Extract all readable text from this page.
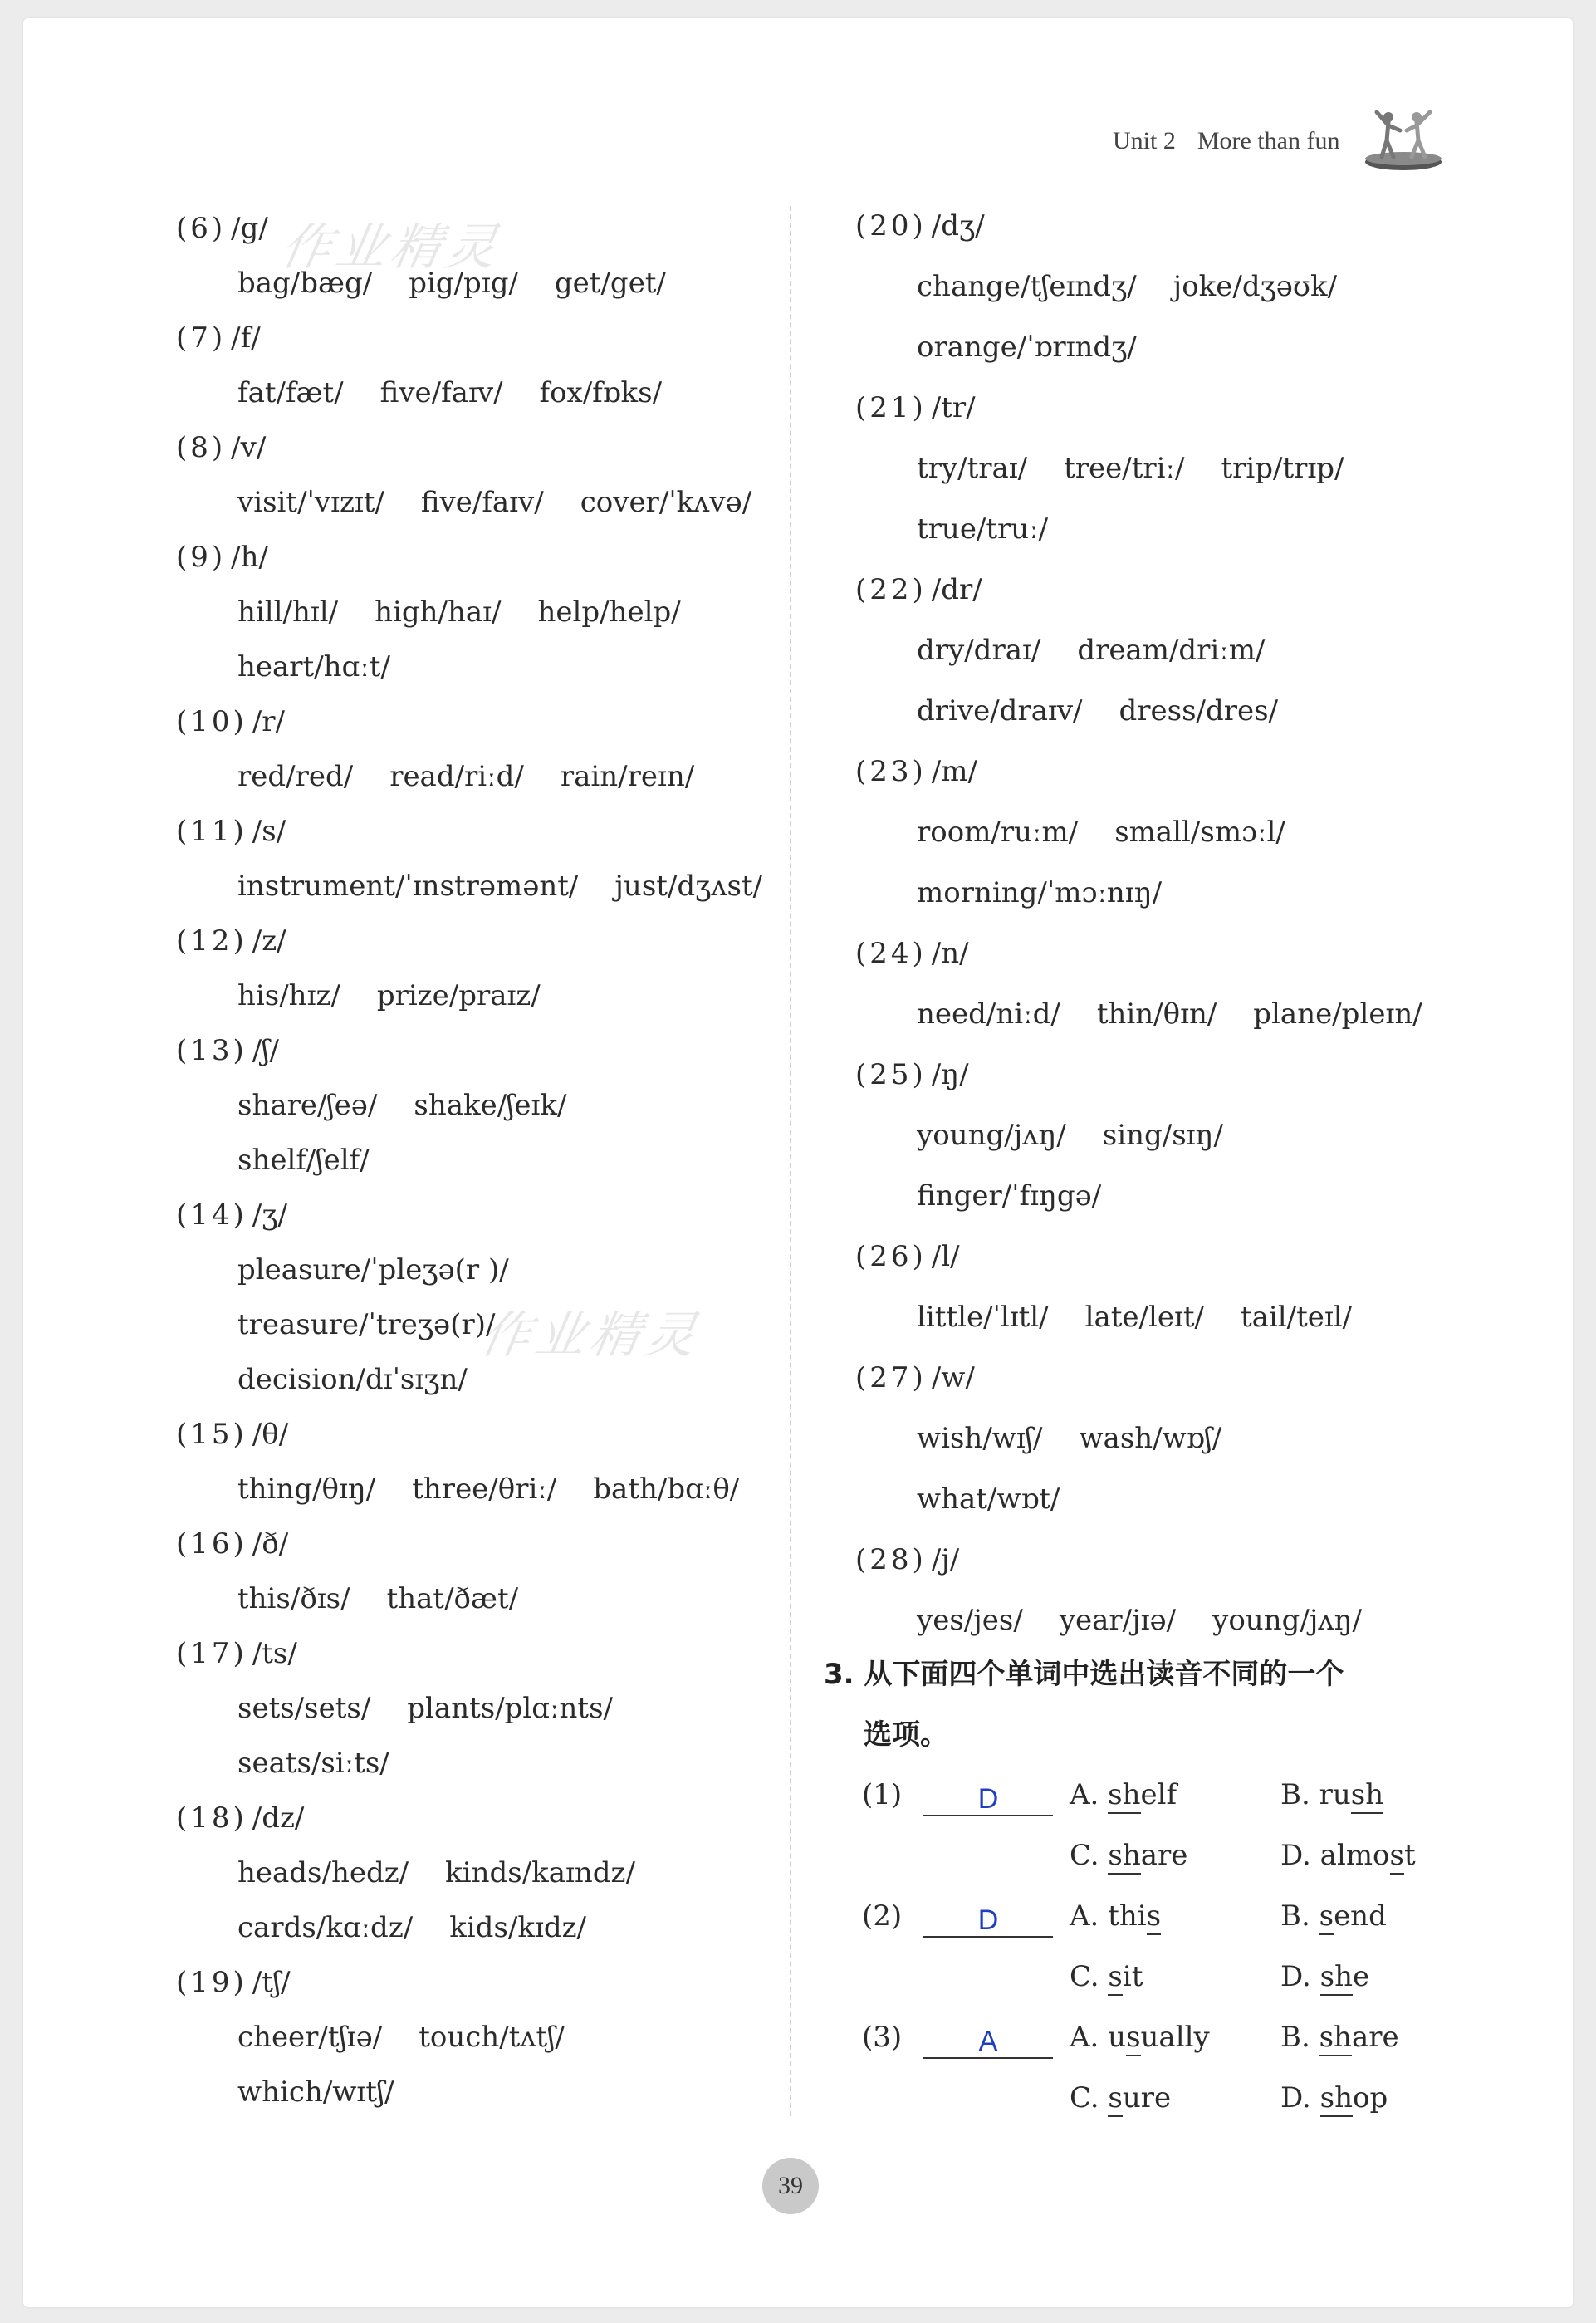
Unit 2 More than fun
作业精灵
作业精灵
(6) /g/
bag/bæg/ pig/pɪg/ get/get/
(7) /f/
fat/fæt/ five/faɪv/ fox/fɒks/
(8) /v/
visit/ˈvɪzɪt/ five/faɪv/ cover/ˈkʌvə/
(9) /h/
hill/hɪl/ high/haɪ/ help/help/
heart/hɑːt/
(10) /r/
red/red/ read/riːd/ rain/reɪn/
(11) /s/
instrument/ˈɪnstrəmənt/ just/dʒʌst/
(12) /z/
his/hɪz/ prize/praɪz/
(13) /ʃ/
share/ʃeə/ shake/ʃeɪk/
shelf/ʃelf/
(14) /ʒ/
pleasure/ˈpleʒə(r )/
treasure/ˈtreʒə(r)/
decision/dɪˈsɪʒn/
(15) /θ/
thing/θɪŋ/ three/θriː/ bath/bɑːθ/
(16) /ð/
this/ðɪs/ that/ðæt/
(17) /ts/
sets/sets/ plants/plɑːnts/
seats/siːts/
(18) /dz/
heads/hedz/ kinds/kaɪndz/
cards/kɑːdz/ kids/kɪdz/
(19) /tʃ/
cheer/tʃɪə/ touch/tʌtʃ/
which/wɪtʃ/
(20) /dʒ/
change/tʃeɪndʒ/ joke/dʒəʊk/
orange/ˈɒrɪndʒ/
(21) /tr/
try/traɪ/ tree/triː/ trip/trɪp/
true/truː/
(22) /dr/
dry/draɪ/ dream/driːm/
drive/draɪv/ dress/dres/
(23) /m/
room/ruːm/ small/smɔːl/
morning/ˈmɔːnɪŋ/
(24) /n/
need/niːd/ thin/θɪn/ plane/pleɪn/
(25) /ŋ/
young/jʌŋ/ sing/sɪŋ/
finger/ˈfɪŋgə/
(26) /l/
little/ˈlɪtl/ late/leɪt/ tail/teɪl/
(27) /w/
wish/wɪʃ/ wash/wɒʃ/
what/wɒt/
(28) /j/
yes/jes/ year/jɪə/ young/jʌŋ/
3. 从下面四个单词中选出读音不同的一个
选项。
(1)	D	A. shelf	B. rush
C. share	D. almost
(2)	D	A. this	B. send
C. sit	D. she
(3)	A	A. usually	B. share
C. sure	D. shop
39
